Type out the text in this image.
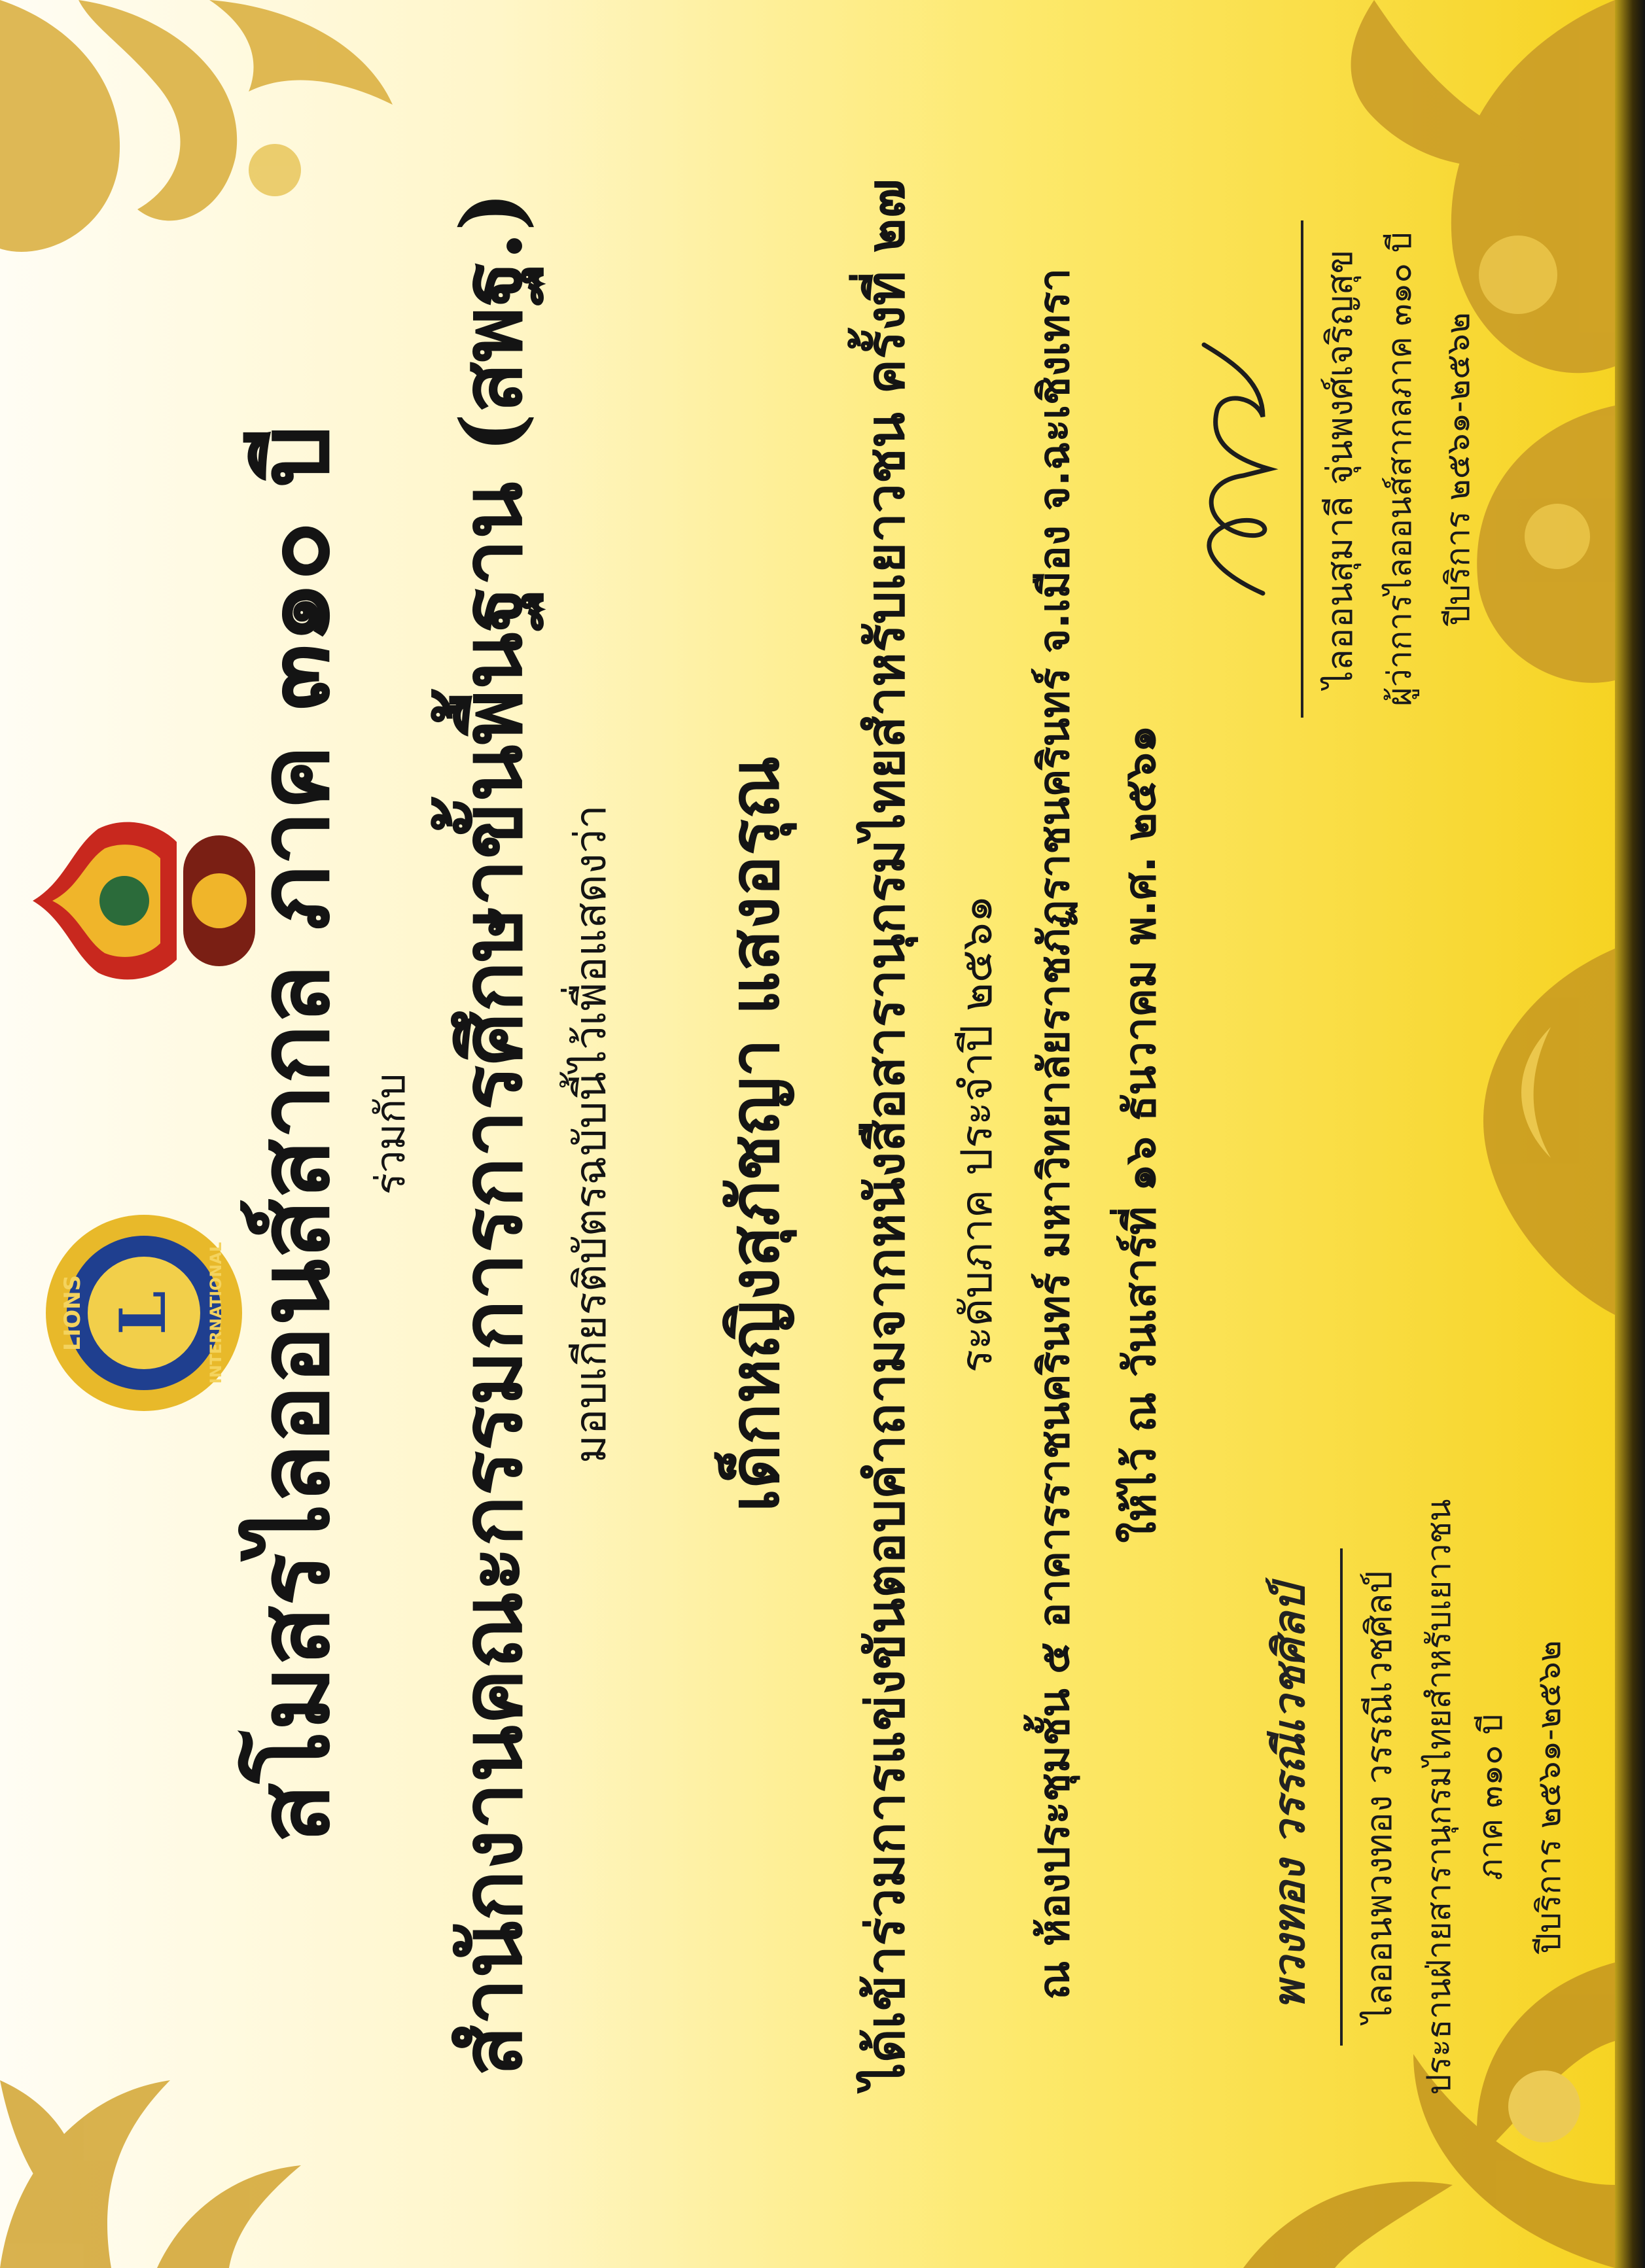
LIONS	INTERNATIONAL
L สโมสรไลออนส์สากล ภาค ๓๑๐ บี ร่วมกับ สำนักงานคณะกรรมการการศึกษาขั้นพื้นฐาน (สพฐ.) มอบเกียรติบัตรฉบับนี้ไว้เพื่อแสดงว่า เด็กหญิงสุภัชญา แสงอรุณ ได้เข้าร่วมการแข่งขันตอบคำถามจากหนังสือสารานุกรมไทยสำหรับเยาวชน ครั้งที่ ๒๗ ระดับภาค ประจำปี ๒๕๖๑ ณ ห้องประชุมชั้น ๕ อาคารราชนครินทร์ มหาวิทยาลัยราชภัฏราชนครินทร์ จ.เมือง จ.ฉะเชิงเทรา ให้ไว้ ณ วันเสาร์ที่ ๑๖ ธันวาคม พ.ศ. ๒๕๖๑
พวงทอง วรรณีเวชศิลป์	ไลออนพวงทอง วรรณีเวชศิลป์ ประธานฝ่ายสารานุกรมไทยสำหรับเยาวชน ภาค ๓๑๐ บี ปีบริการ ๒๕๖๑-๒๕๖๒
ไลออนสุมาลี จุ่นพงศ์เจริญสุข ผู้ว่าการไลออนส์สากลภาค ๓๑๐ บี ปีบริการ ๒๕๖๑-๒๕๖๒
